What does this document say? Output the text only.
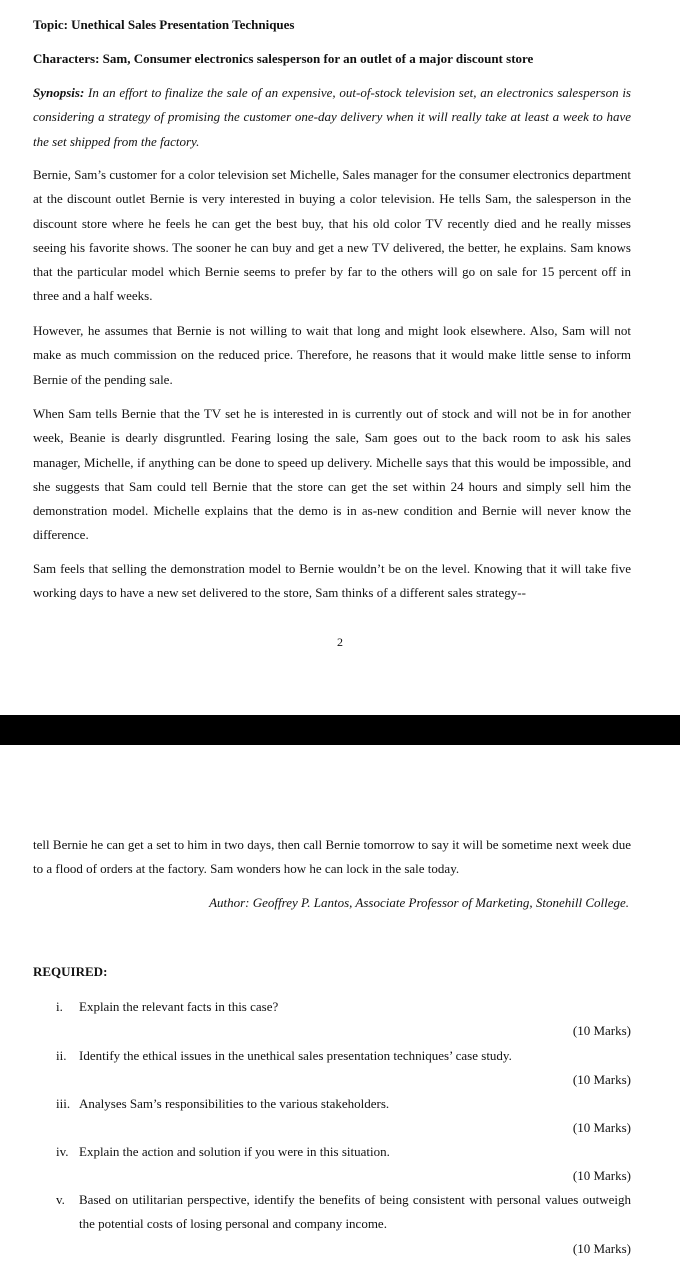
Topic: Unethical Sales Presentation Techniques
Characters: Sam, Consumer electronics salesperson for an outlet of a major discount store
Synopsis: In an effort to finalize the sale of an expensive, out-of-stock television set, an electronics salesperson is considering a strategy of promising the customer one-day delivery when it will really take at least a week to have the set shipped from the factory.
Bernie, Sam’s customer for a color television set Michelle, Sales manager for the consumer electronics department at the discount outlet Bernie is very interested in buying a color television. He tells Sam, the salesperson in the discount store where he feels he can get the best buy, that his old color TV recently died and he really misses seeing his favorite shows. The sooner he can buy and get a new TV delivered, the better, he explains. Sam knows that the particular model which Bernie seems to prefer by far to the others will go on sale for 15 percent off in three and a half weeks.
However, he assumes that Bernie is not willing to wait that long and might look elsewhere. Also, Sam will not make as much commission on the reduced price. Therefore, he reasons that it would make little sense to inform Bernie of the pending sale.
When Sam tells Bernie that the TV set he is interested in is currently out of stock and will not be in for another week, Beanie is dearly disgruntled. Fearing losing the sale, Sam goes out to the back room to ask his sales manager, Michelle, if anything can be done to speed up delivery. Michelle says that this would be impossible, and she suggests that Sam could tell Bernie that the store can get the set within 24 hours and simply sell him the demonstration model. Michelle explains that the demo is in as-new condition and Bernie will never know the difference.
Sam feels that selling the demonstration model to Bernie wouldn’t be on the level. Knowing that it will take five working days to have a new set delivered to the store, Sam thinks of a different sales strategy--
2
tell Bernie he can get a set to him in two days, then call Bernie tomorrow to say it will be sometime next week due to a flood of orders at the factory. Sam wonders how he can lock in the sale today.
Author: Geoffrey P. Lantos, Associate Professor of Marketing, Stonehill College.
REQUIRED:
i.	Explain the relevant facts in this case?
(10 Marks)
ii. Identify the ethical issues in the unethical sales presentation techniques’ case study.
(10 Marks)
iii. Analyses Sam’s responsibilities to the various stakeholders.
(10 Marks)
iv. Explain the action and solution if you were in this situation.
(10 Marks)
v.	Based on utilitarian perspective, identify the benefits of being consistent with personal values outweigh the potential costs of losing personal and company income.
(10 Marks)
